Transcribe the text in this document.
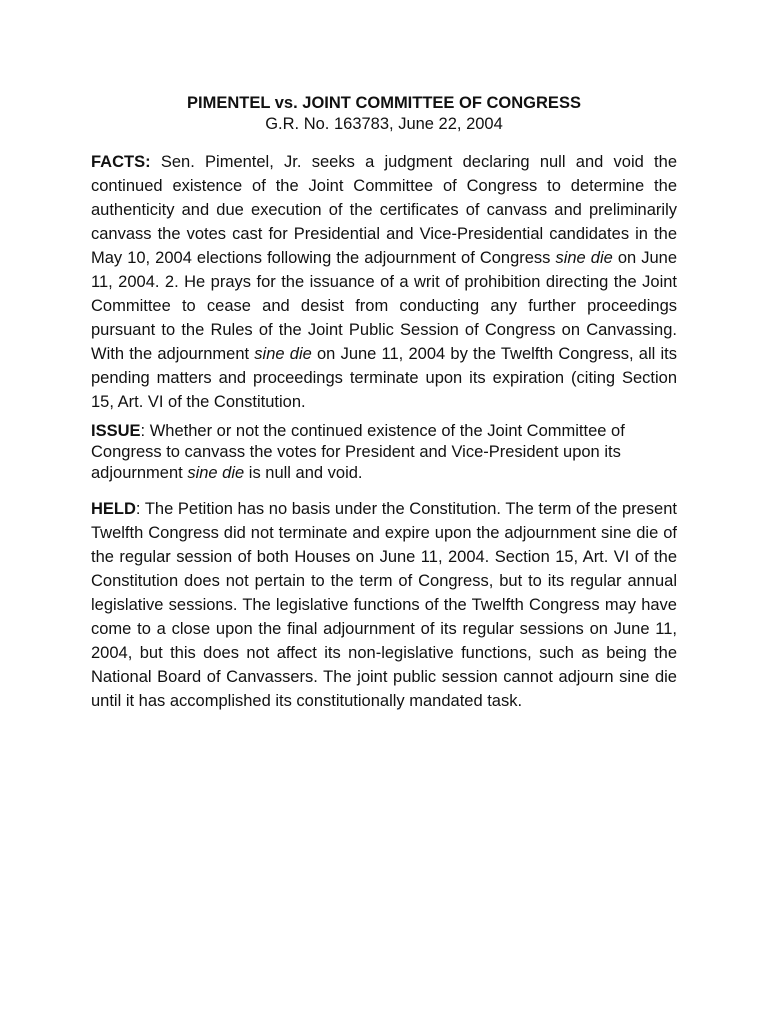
PIMENTEL vs. JOINT COMMITTEE OF CONGRESS
G.R. No. 163783, June 22, 2004

FACTS: Sen. Pimentel, Jr. seeks a judgment declaring null and void the continued existence of the Joint Committee of Congress to determine the authenticity and due execution of the certificates of canvass and preliminarily canvass the votes cast for Presidential and Vice-Presidential candidates in the May 10, 2004 elections following the adjournment of Congress sine die on June 11, 2004. 2. He prays for the issuance of a writ of prohibition directing the Joint Committee to cease and desist from conducting any further proceedings pursuant to the Rules of the Joint Public Session of Congress on Canvassing. With the adjournment sine die on June 11, 2004 by the Twelfth Congress, all its pending matters and proceedings terminate upon its expiration (citing Section 15, Art. VI of the Constitution.

ISSUE: Whether or not the continued existence of the Joint Committee of Congress to canvass the votes for President and Vice-President upon its adjournment sine die is null and void.

HELD: The Petition has no basis under the Constitution. The term of the present Twelfth Congress did not terminate and expire upon the adjournment sine die of the regular session of both Houses on June 11, 2004. Section 15, Art. VI of the Constitution does not pertain to the term of Congress, but to its regular annual legislative sessions. The legislative functions of the Twelfth Congress may have come to a close upon the final adjournment of its regular sessions on June 11, 2004, but this does not affect its non-legislative functions, such as being the National Board of Canvassers. The joint public session cannot adjourn sine die until it has accomplished its constitutionally mandated task.
